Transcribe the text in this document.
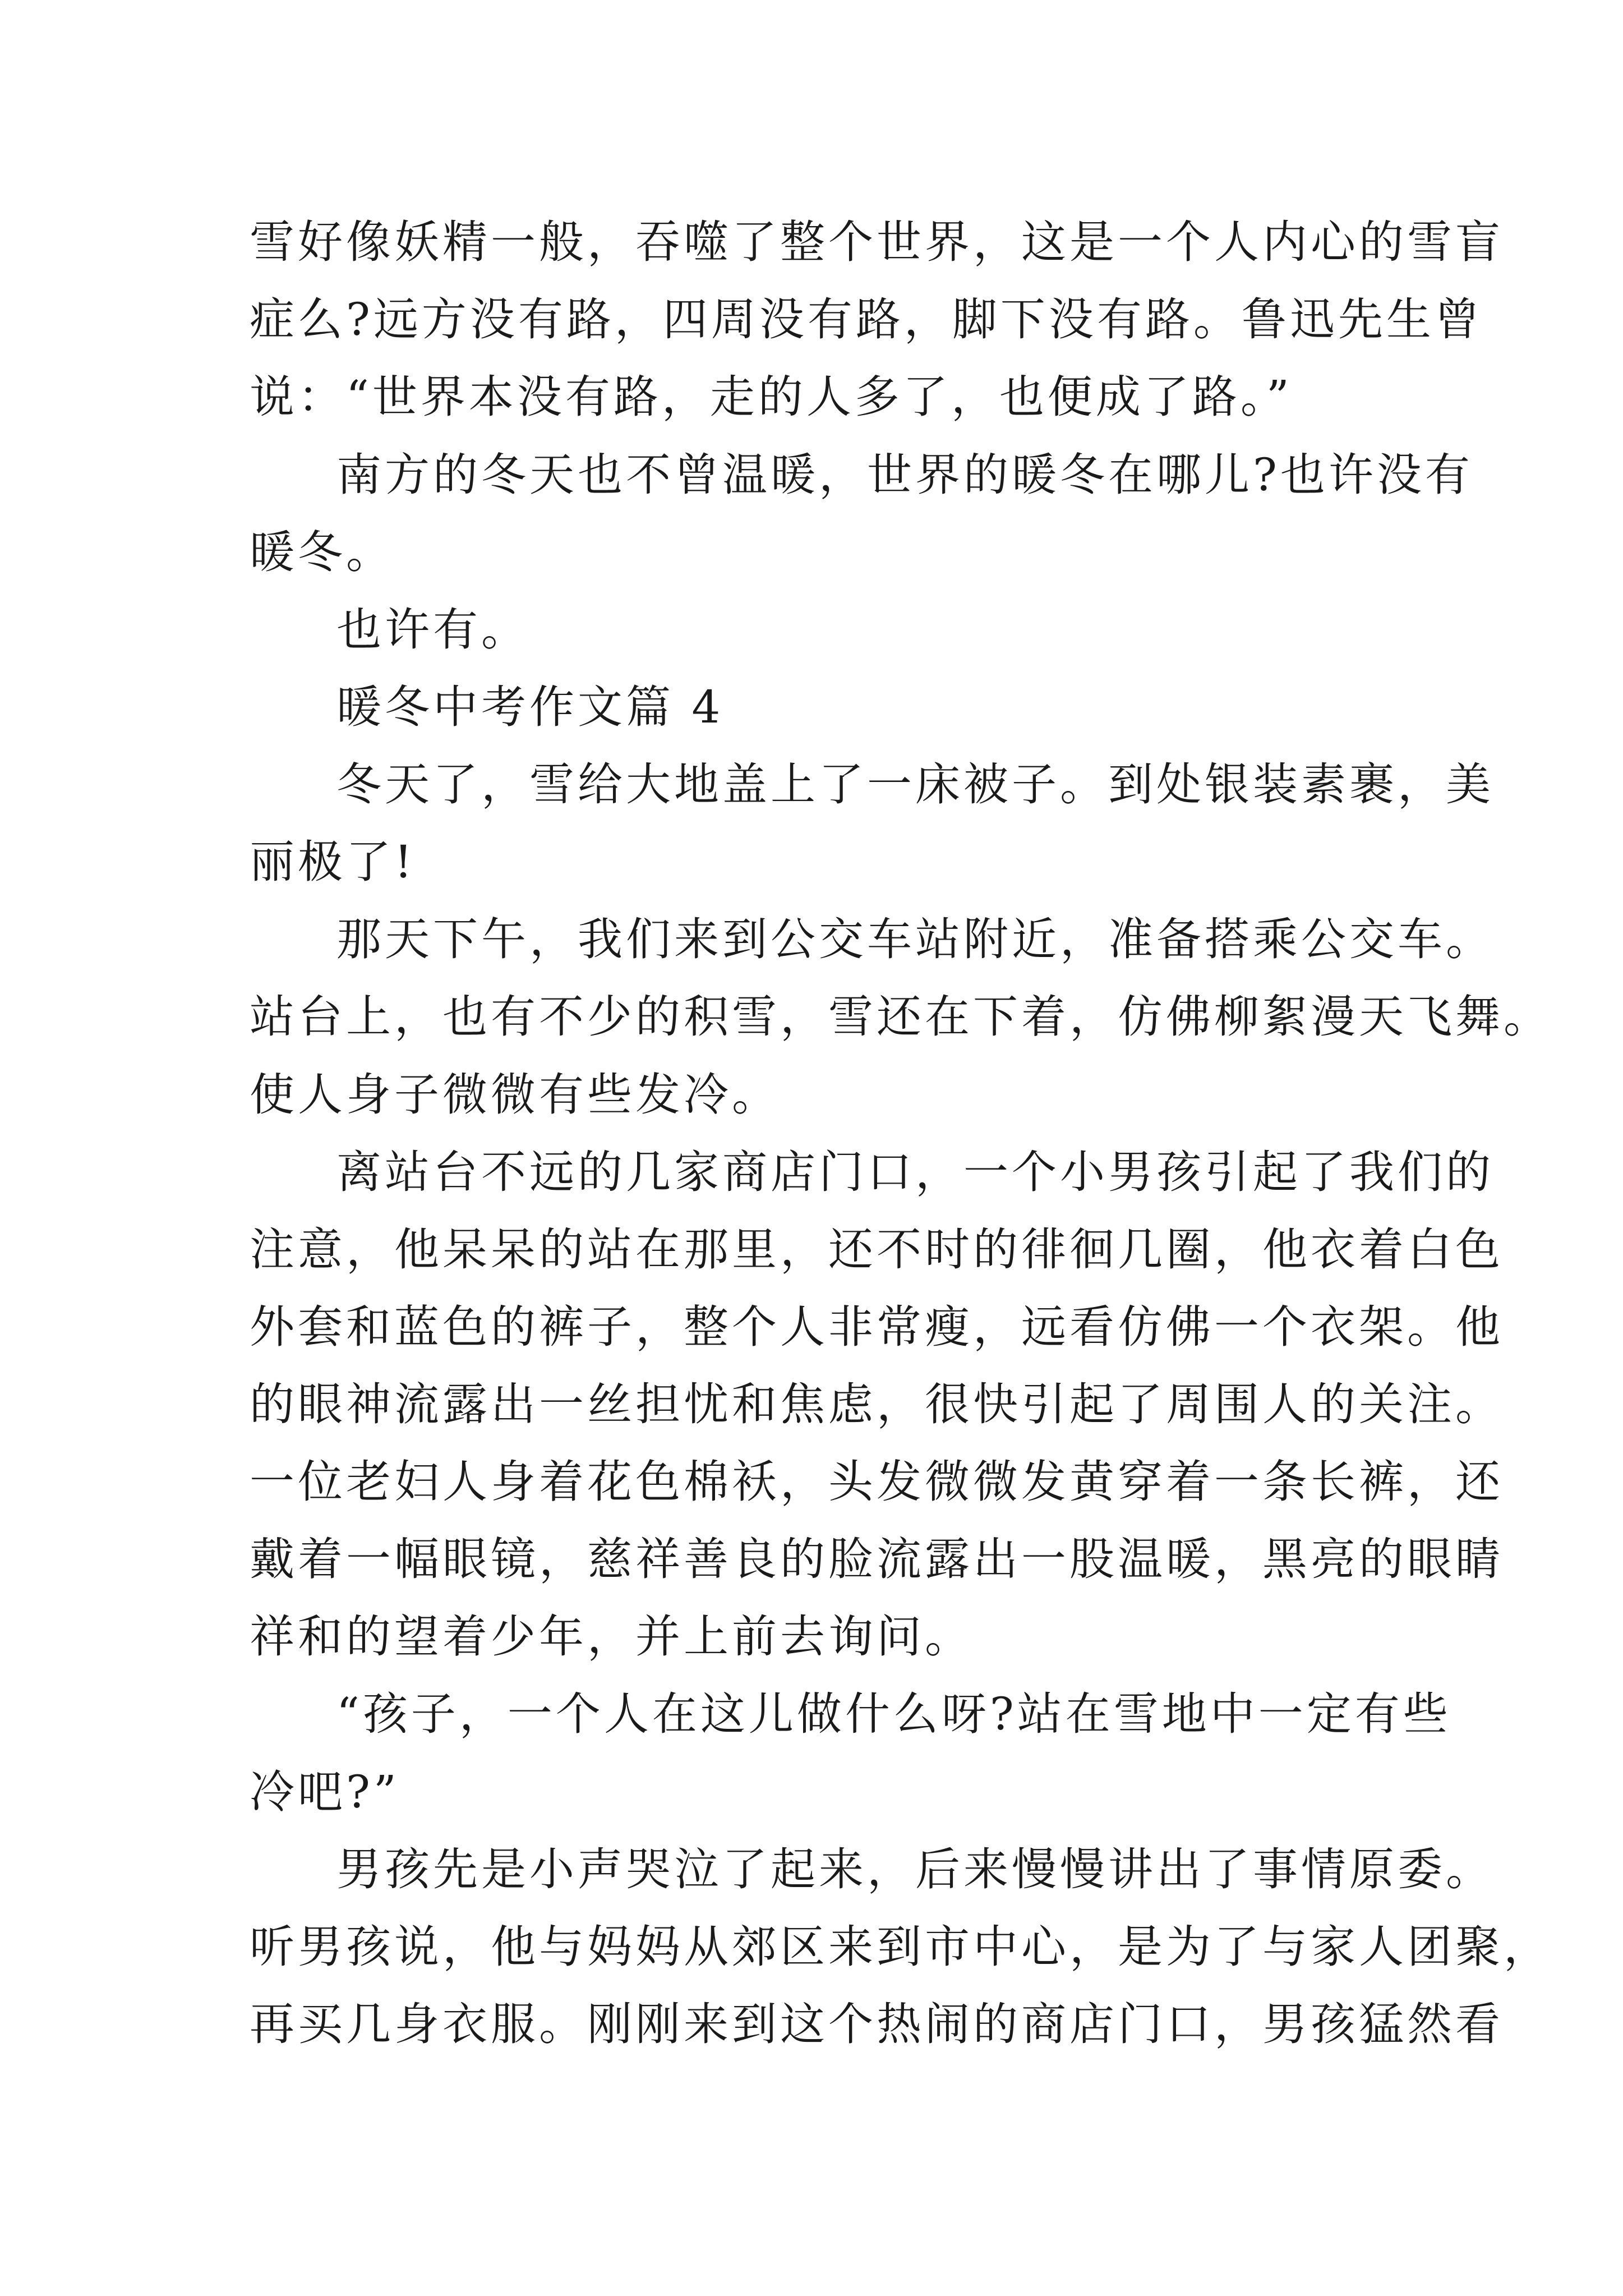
雪好像妖精一般，吞噬了整个世界，这是一个人内心的雪盲
症么?远方没有路，四周没有路，脚下没有路。鲁迅先生曾
说：“世界本没有路，走的人多了，也便成了路。”
南方的冬天也不曾温暖，世界的暖冬在哪儿?也许没有
暖冬。
也许有。
暖冬中考作文篇 4
冬天了，雪给大地盖上了一床被子。到处银装素裹，美
丽极了!
那天下午，我们来到公交车站附近，准备搭乘公交车。
站台上，也有不少的积雪，雪还在下着，仿佛柳絮漫天飞舞。
使人身子微微有些发冷。
离站台不远的几家商店门口，一个小男孩引起了我们的
注意，他呆呆的站在那里，还不时的徘徊几圈，他衣着白色
外套和蓝色的裤子，整个人非常瘦，远看仿佛一个衣架。他
的眼神流露出一丝担忧和焦虑，很快引起了周围人的关注。
一位老妇人身着花色棉袄，头发微微发黄穿着一条长裤，还
戴着一幅眼镜，慈祥善良的脸流露出一股温暖，黑亮的眼睛
祥和的望着少年，并上前去询问。
“孩子，一个人在这儿做什么呀?站在雪地中一定有些
冷吧?”
男孩先是小声哭泣了起来，后来慢慢讲出了事情原委。
听男孩说，他与妈妈从郊区来到市中心，是为了与家人团聚，
再买几身衣服。刚刚来到这个热闹的商店门口，男孩猛然看
